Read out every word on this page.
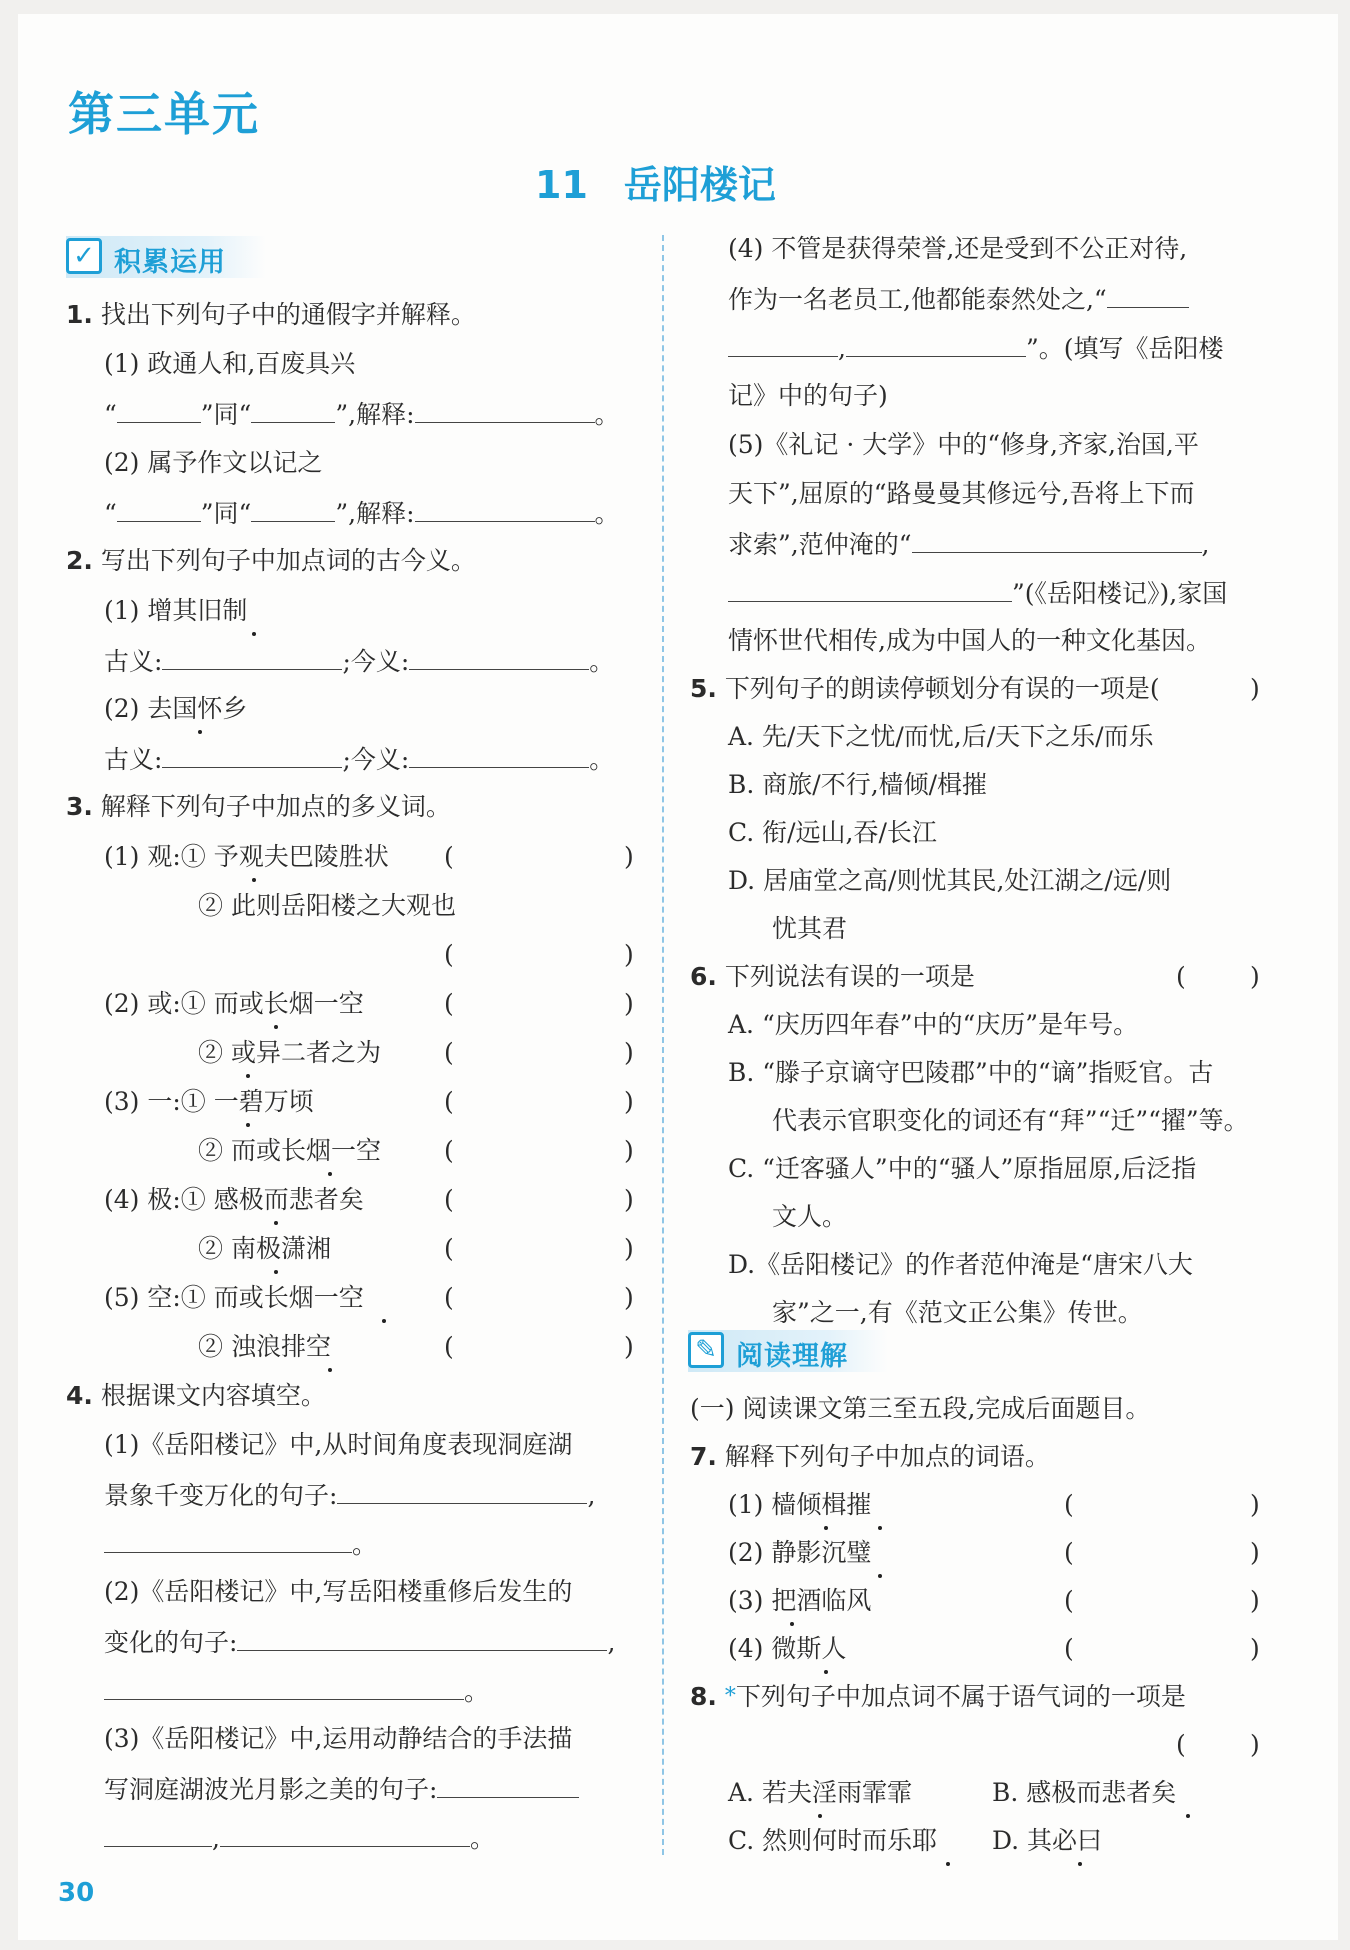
第三单元
11 岳阳楼记
✓ 积累运用
1. 找出下列句子中的通假字并解释。
(1) 政通人和,百废具兴
“	”同“	”,解释:	。
(2) 属予作文以记之
“	”同“	”,解释:	。
2. 写出下列句子中加点词的古今义。
(1) 增其旧制
古义:	;今义:	。
(2) 去国怀乡
古义:	;今义:	。
3. 解释下列句子中加点的多义词。
(1) 观:① 予观夫巴陵胜状 (	)
② 此则岳阳楼之大观也
(	)
(2) 或:① 而或长烟一空	(	)
② 或异二者之为	(	)
(3) 一:① 一碧万顷	(	)
② 而或长烟一空	(	)
(4) 极:① 感极而悲者矣	(	)
② 南极潇湘	(	)
(5) 空:① 而或长烟一空	(	)
② 浊浪排空	(	)
4. 根据课文内容填空。
(1)《岳阳楼记》中,从时间角度表现洞庭湖
景象千变万化的句子:	,
。
(2)《岳阳楼记》中,写岳阳楼重修后发生的
变化的句子:	,
。
(3)《岳阳楼记》中,运用动静结合的手法描
写洞庭湖波光月影之美的句子:
,	。
(4) 不管是获得荣誉,还是受到不公正对待,
作为一名老员工,他都能泰然处之,“
,	”。(填写《岳阳楼
记》中的句子)
(5)《礼记 · 大学》中的“修身,齐家,治国,平
天下”,屈原的“路曼曼其修远兮,吾将上下而
求索”,范仲淹的“	,
”(《岳阳楼记》),家国
情怀世代相传,成为中国人的一种文化基因。
5. 下列句子的朗读停顿划分有误的一项是(	)
A. 先/天下之忧/而忧,后/天下之乐/而乐
B. 商旅/不行,樯倾/楫摧
C. 衔/远山,吞/长江
D. 居庙堂之高/则忧其民,处江湖之/远/则
忧其君
6. 下列说法有误的一项是	(	)
A. “庆历四年春”中的“庆历”是年号。
B. “滕子京谪守巴陵郡”中的“谪”指贬官。古
代表示官职变化的词还有“拜”“迁”“擢”等。
C. “迁客骚人”中的“骚人”原指屈原,后泛指
文人。
D.《岳阳楼记》的作者范仲淹是“唐宋八大
家”之一,有《范文正公集》传世。
✎ 阅读理解
(一) 阅读课文第三至五段,完成后面题目。
7. 解释下列句子中加点的词语。
(1) 樯倾楫摧	(	)
(2) 静影沉璧	(	)
(3) 把酒临风	(	)
(4) 微斯人	(	)
8. *下列句子中加点词不属于语气词的一项是
(	)
A. 若夫淫雨霏霏	B. 感极而悲者矣
C. 然则何时而乐耶 D. 其必曰
30
